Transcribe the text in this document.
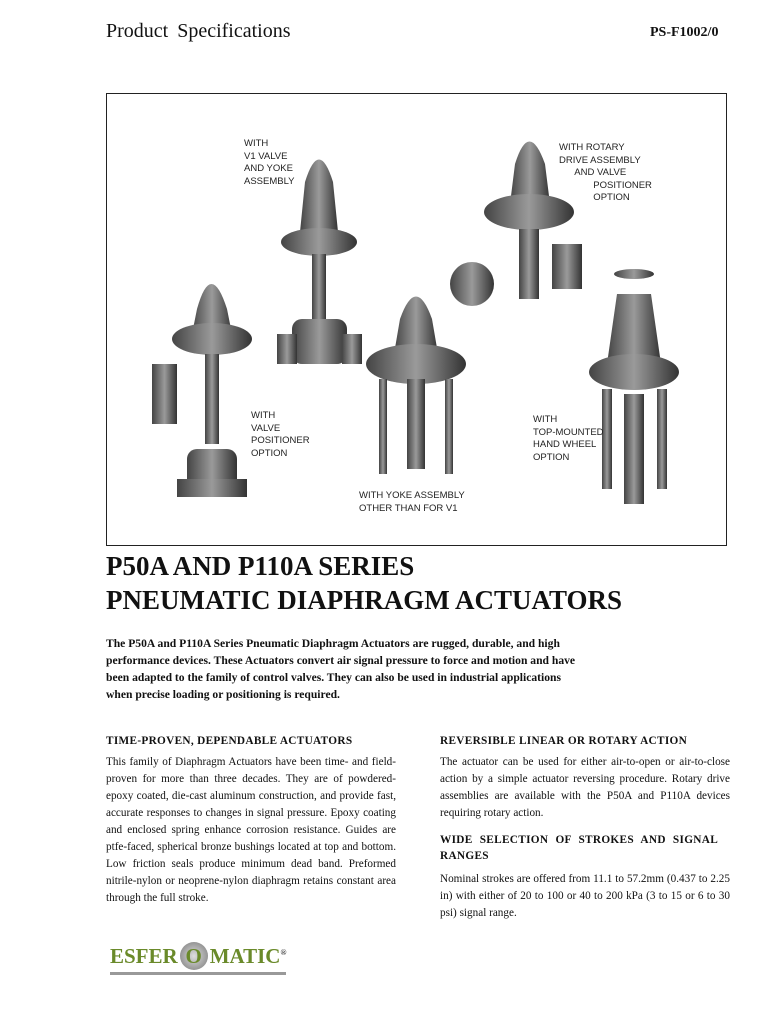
Product Specifications	PS-F1002/0
WITH
V1 VALVE
AND YOKE
ASSEMBLY
WITH ROTARY
DRIVE ASSEMBLY
AND VALVE
POSITIONER
OPTION
WITH
VALVE
POSITIONER
OPTION
WITH YOKE ASSEMBLY
OTHER THAN FOR V1
WITH
TOP-MOUNTED
HAND WHEEL
OPTION
P50A AND P110A SERIES
PNEUMATIC DIAPHRAGM ACTUATORS
The P50A and P110A Series Pneumatic Diaphragm Actuators are rugged, durable, and high performance devices. These Actuators convert air signal pressure to force and motion and have been adapted to the family of control valves. They can also be used in industrial applications when precise loading or positioning is required.
TIME-PROVEN, DEPENDABLE ACTUATORS
This family of Diaphragm Actuators have been time- and field-proven for more than three decades. They are of powdered-epoxy coated, die-cast aluminum construction, and provide fast, accurate responses to changes in signal pressure. Epoxy coating and enclosed spring enhance corrosion resistance. Guides are ptfe-faced, spherical bronze bushings located at top and bottom. Low friction seals produce minimum dead band. Preformed nitrile-nylon or neoprene-nylon diaphragm retains constant area through the full stroke.
REVERSIBLE LINEAR OR ROTARY ACTION
The actuator can be used for either air-to-open or air-to-close action by a simple actuator reversing procedure. Rotary drive assemblies are available with the P50A and P110A devices requiring rotary action.
WIDE SELECTION OF STROKES AND SIGNAL RANGES
Nominal strokes are offered from 11.1 to 57.2mm (0.437 to 2.25 in) with either of 20 to 100 or 40 to 200 kPa (3 to 15 or 6 to 30 psi) signal range.
ESFER O MATIC®
